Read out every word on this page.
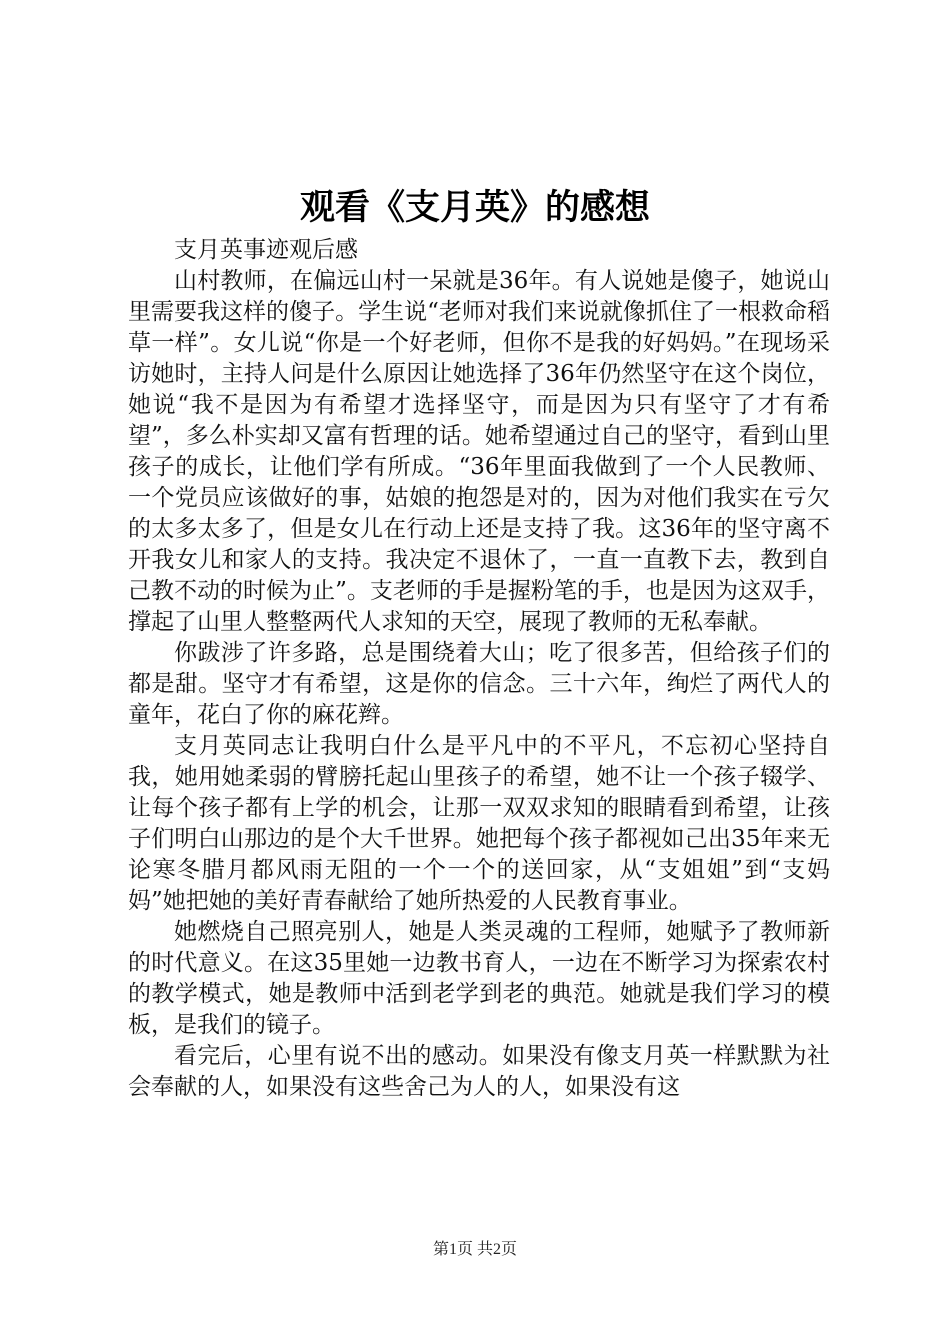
观看《支月英》的感想

支月英事迹观后感

山村教师，在偏远山村一呆就是36年。有人说她是傻子，她说山里需要我这样的傻子。学生说“老师对我们来说就像抓住了一根救命稻草一样”。女儿说“你是一个好老师，但你不是我的好妈妈。”在现场采访她时，主持人问是什么原因让她选择了36年仍然坚守在这个岗位，她说“我不是因为有希望才选择坚守，而是因为只有坚守了才有希望”，多么朴实却又富有哲理的话。她希望通过自己的坚守，看到山里孩子的成长，让他们学有所成。“36年里面我做到了一个人民教师、一个党员应该做好的事，姑娘的抱怨是对的，因为对他们我实在亏欠的太多太多了，但是女儿在行动上还是支持了我。这36年的坚守离不开我女儿和家人的支持。我决定不退休了，一直一直教下去，教到自己教不动的时候为止”。支老师的手是握粉笔的手，也是因为这双手，撑起了山里人整整两代人求知的天空，展现了教师的无私奉献。

你跋涉了许多路，总是围绕着大山；吃了很多苦，但给孩子们的都是甜。坚守才有希望，这是你的信念。三十六年，绚烂了两代人的童年，花白了你的麻花辫。

支月英同志让我明白什么是平凡中的不平凡，不忘初心坚持自我，她用她柔弱的臂膀托起山里孩子的希望，她不让一个孩子辍学、让每个孩子都有上学的机会，让那一双双求知的眼睛看到希望，让孩子们明白山那边的是个大千世界。她把每个孩子都视如己出35年来无论寒冬腊月都风雨无阻的一个一个的送回家，从“支姐姐”到“支妈妈”她把她的美好青春献给了她所热爱的人民教育事业。

她燃烧自己照亮别人，她是人类灵魂的工程师，她赋予了教师新的时代意义。在这35里她一边教书育人，一边在不断学习为探索农村的教学模式，她是教师中活到老学到老的典范。她就是我们学习的模板，是我们的镜子。

看完后，心里有说不出的感动。如果没有像支月英一样默默为社会奉献的人，如果没有这些舍己为人的人，如果没有这

第1页 共2页
